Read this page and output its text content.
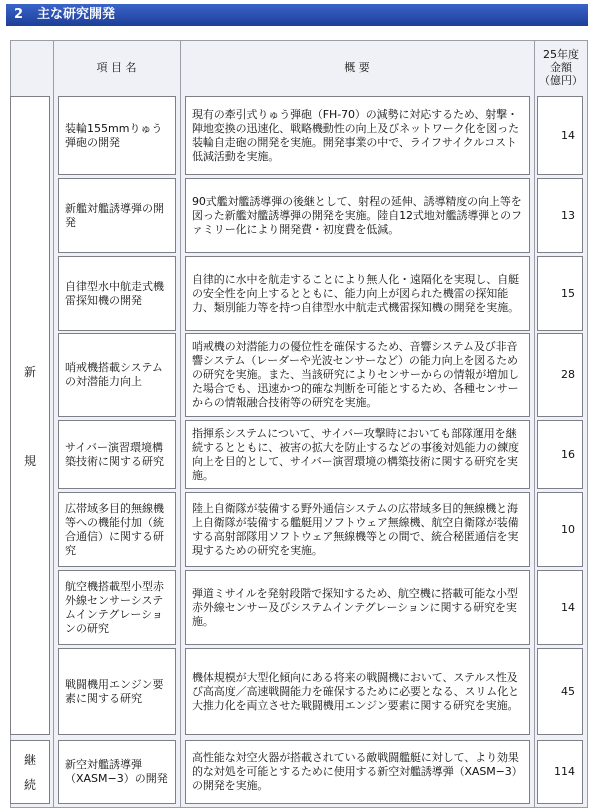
2 主な研究開発
項 目 名	概 要
25年度
金額
（億円）
新
規
継
続
装輪155mmりゅう弾砲の開発
現有の牽引式りゅう弾砲（FH-70）の減勢に対応するため、射撃・陣地変換の迅速化、戦略機動性の向上及びネットワーク化を図った装輪自走砲の開発を実施。開発事業の中で、ライフサイクルコスト低減活動を実施。
14
新艦対艦誘導弾の開発
90式艦対艦誘導弾の後継として、射程の延伸、誘導精度の向上等を図った新艦対艦誘導弾の開発を実施。陸自12式地対艦誘導弾とのファミリー化により開発費・初度費を低減。
13
自律型水中航走式機雷探知機の開発
自律的に水中を航走することにより無人化・遠隔化を実現し、自艇の安全性を向上するとともに、能力向上が図られた機雷の探知能力、類別能力等を持つ自律型水中航走式機雷探知機の開発を実施。
15
哨戒機搭載システムの対潜能力向上
哨戒機の対潜能力の優位性を確保するため、音響システム及び非音響システム（レーダーや光波センサーなど）の能力向上を図るための研究を実施。また、当該研究によりセンサーからの情報が増加した場合でも、迅速かつ的確な判断を可能とするため、各種センサーからの情報融合技術等の研究を実施。
28
サイバー演習環境構築技術に関する研究
指揮系システムについて、サイバー攻撃時においても部隊運用を継続するとともに、被害の拡大を防止するなどの事後対処能力の練度向上を目的として、サイバー演習環境の構築技術に関する研究を実施。
16
広帯域多目的無線機等への機能付加（統合通信）に関する研究
陸上自衛隊が装備する野外通信システムの広帯域多目的無線機と海上自衛隊が装備する艦艇用ソフトウェア無線機、航空自衛隊が装備する高射部隊用ソフトウェア無線機等との間で、統合秘匿通信を実現するための研究を実施。
10
航空機搭載型小型赤外線センサーシステムインテグレーションの研究
弾道ミサイルを発射段階で探知するため、航空機に搭載可能な小型赤外線センサー及びシステムインテグレーションに関する研究を実施。
14
戦闘機用エンジン要素に関する研究
機体規模が大型化傾向にある将来の戦闘機において、ステルス性及び高高度／高速戦闘能力を確保するために必要となる、スリム化と大推力化を両立させた戦闘機用エンジン要素に関する研究を実施。
45
新空対艦誘導弾（XASM−3）の開発
高性能な対空火器が搭載されている敵戦闘艦艇に対して、より効果的な対処を可能とするために使用する新空対艦誘導弾（XASM−3）の開発を実施。
114
